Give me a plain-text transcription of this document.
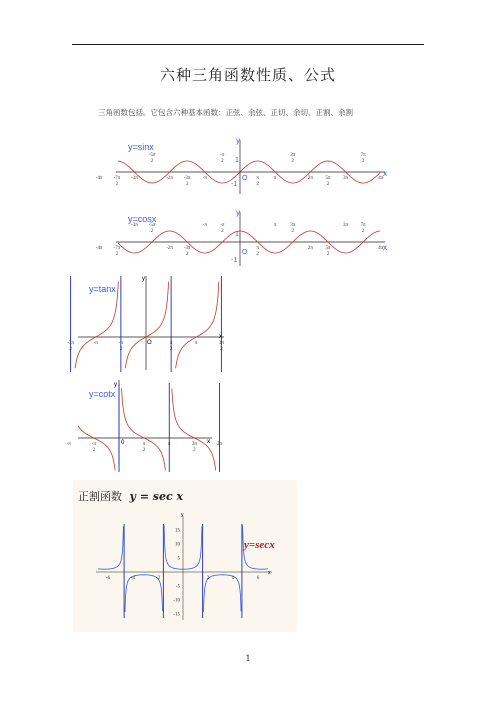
六种三角函数性质、公式
三角函数包括。它包含六种基本函数：正弦、余弦、正切、余切、正割、余割
y=sinx
x
y
O
1
-1
-4π -7π 2
-3π	-2π -3π 2
-π	π 2
π	2π	5π 2
3π	4π
-5π 2
-π 2
3π 2
7π 2
y=cosx
x
y
O
1
-1
-4π -7π 2
-2π -3π 2
π 2
2π	5π 2
4π
-3π -5π 2
-π	-π 2
π	3π 2
3π	7π 2
y=tanx
x
y
O
-3π 2
-π	-π 2
π 2
π	3π 2
y=cotx
x
y
0
-π	-π 2
π 2
π	3π 2
2π
正割函数 y = sec x
y=secx
x
y
15
10
5
-5
-10
-15
-6	-4	-2	2	4	6
1
